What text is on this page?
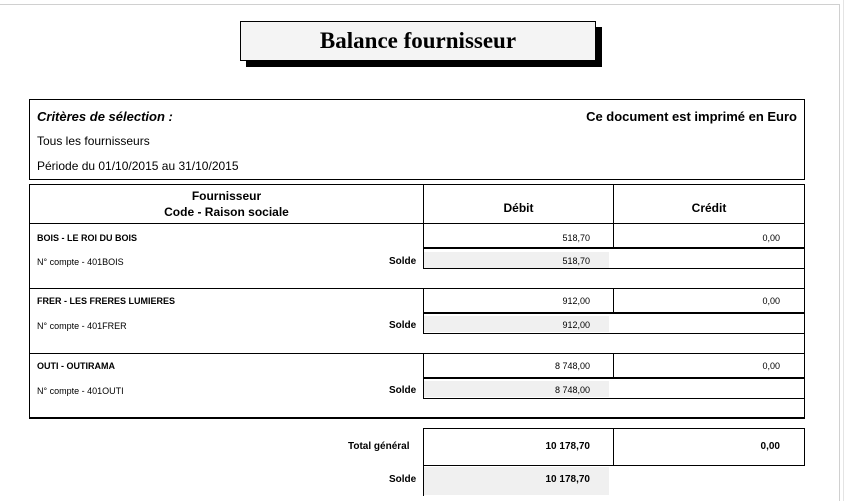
Balance fournisseur
Critères de sélection :	Ce document est imprimé en Euro
Tous les fournisseurs
Période du 01/10/2015 au 31/10/2015
Fournisseur
Code - Raison sociale	Débit	Crédit
BOIS - LE ROI DU BOIS	518,70	0,00
N° compte - 401BOIS	Solde	518,70
FRER - LES FRERES LUMIERES	912,00	0,00
N° compte - 401FRER	Solde	912,00
OUTI - OUTIRAMA	8 748,00	0,00
N° compte - 401OUTI	Solde	8 748,00
Total général	10 178,70	0,00
Solde	10 178,70
